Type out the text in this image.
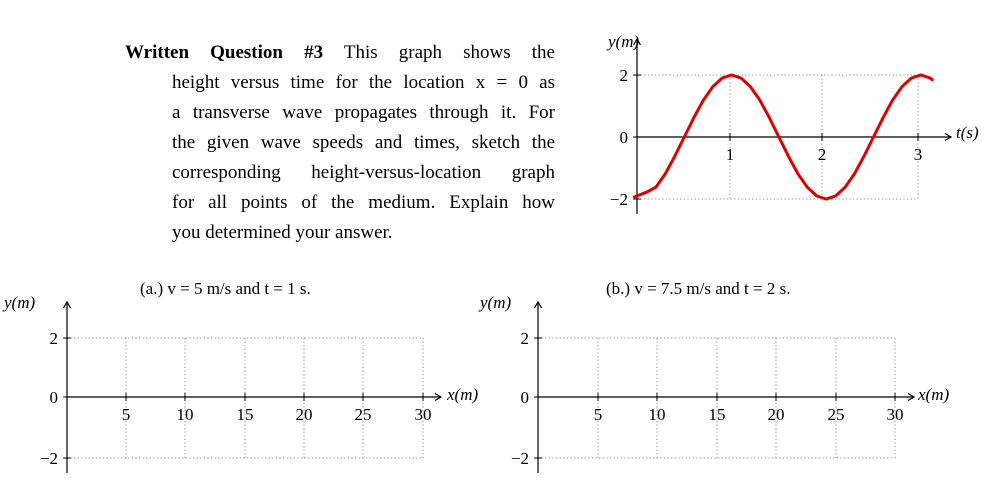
Written Question #3 This graph shows the
height versus time for the location x = 0 as
a transverse wave propagates through it. For
the given wave speeds and times, sketch the
corresponding height-versus-location graph
for all points of the medium. Explain how
you determined your answer.
−2
0
2
1	2	3
y(m)
t(s)
−2
0
2
5	10	15 20 25	30
y(m)
x(m)
(a.) v = 5 m/s and t = 1 s.
−2
0
2
5	10	15 20	25 30
y(m)
x(m)
(b.) v = 7.5 m/s and t = 2 s.
